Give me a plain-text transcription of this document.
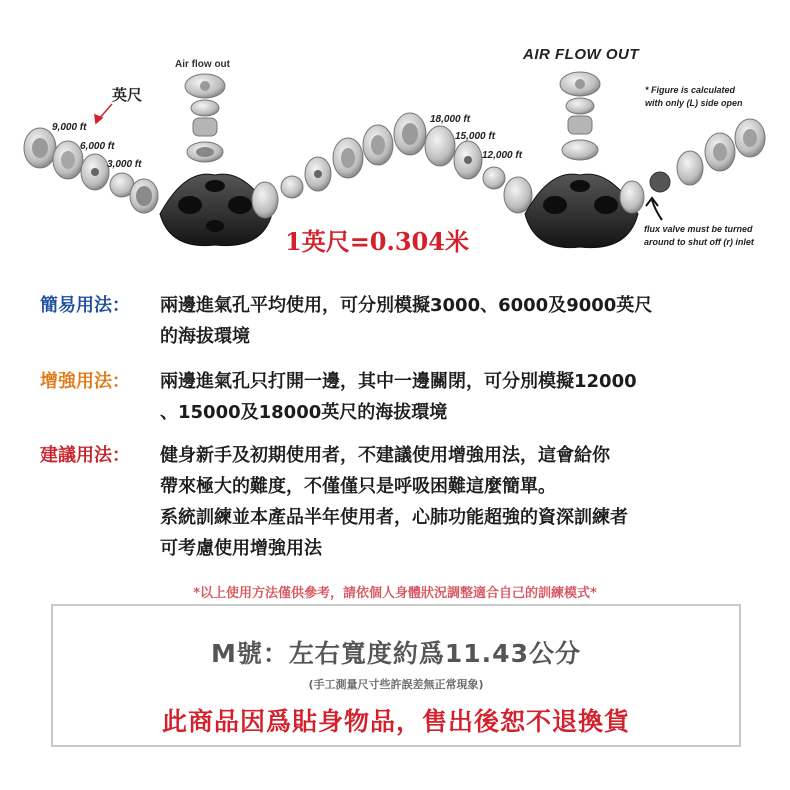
英尺
Air flow out
AIR FLOW OUT
9,000 ft
6,000 ft
3,000 ft
18,000 ft
15,000 ft
12,000 ft
* Figure is calculated
with only (L) side open
flux valve must be turned
around to shut off (r) inlet
1英尺=0.304米
簡易用法： 兩邊進氣孔平均使用，可分別模擬3000、6000及9000英尺
的海拔環境
增強用法： 兩邊進氣孔只打開一邊，其中一邊關閉，可分別模擬12000
、15000及18000英尺的海拔環境
建議用法： 健身新手及初期使用者，不建議使用增強用法，這會給你
帶來極大的難度，不僅僅只是呼吸困難這麼簡單。
系統訓練並本產品半年使用者，心肺功能超強的資深訓練者
可考慮使用增強用法
*以上使用方法僅供參考，請依個人身體狀況調整適合自己的訓練模式*
M號：左右寬度約爲11.43公分
(手工測量尺寸些許誤差無正常現象)
此商品因爲貼身物品，售出後恕不退換貨
